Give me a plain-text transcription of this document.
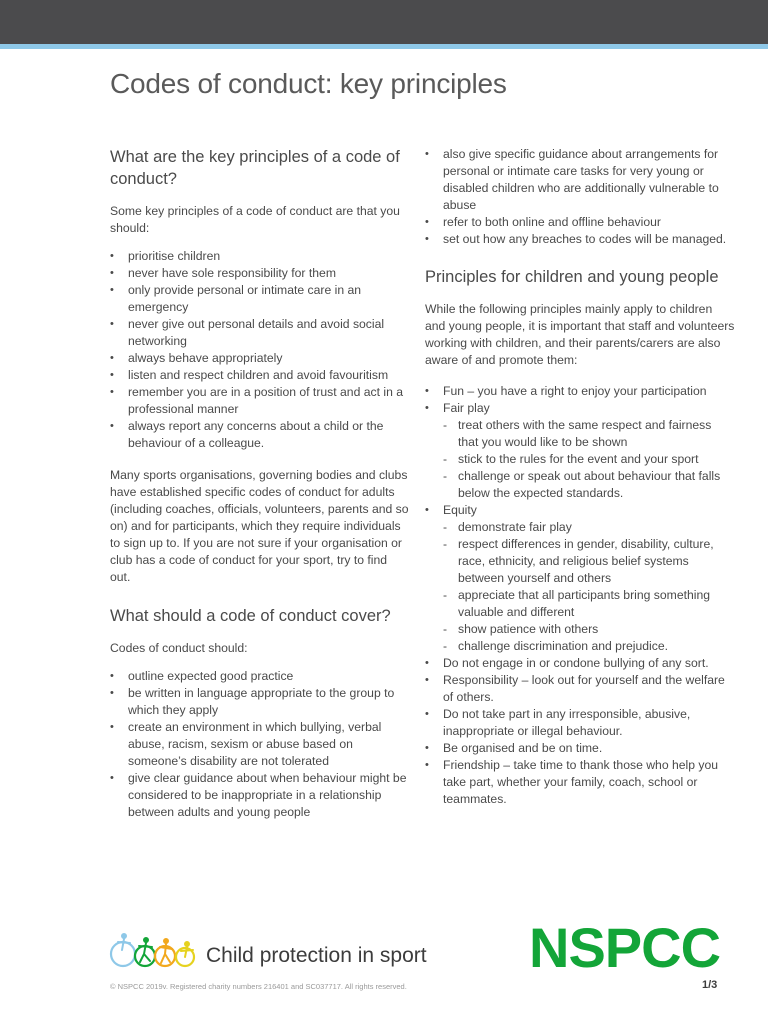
Codes of conduct: key principles
What are the key principles of a code of conduct?

Some key principles of a code of conduct are that you should:

• prioritise children
• never have sole responsibility for them
• only provide personal or intimate care in an emergency
• never give out personal details and avoid social networking
• always behave appropriately
• listen and respect children and avoid favouritism
• remember you are in a position of trust and act in a professional manner
• always report any concerns about a child or the behaviour of a colleague.

Many sports organisations, governing bodies and clubs have established specific codes of conduct for adults (including coaches, officials, volunteers, parents and so on) and for participants, which they require individuals to sign up to. If you are not sure if your organisation or club has a code of conduct for your sport, try to find out.

What should a code of conduct cover?

Codes of conduct should:

• outline expected good practice
• be written in language appropriate to the group to which they apply
• create an environment in which bullying, verbal abuse, racism, sexism or abuse based on someone’s disability are not tolerated
• give clear guidance about when behaviour might be considered to be inappropriate in a relationship between adults and young people
• also give specific guidance about arrangements for personal or intimate care tasks for very young or disabled children who are additionally vulnerable to abuse
• refer to both online and offline behaviour
• set out how any breaches to codes will be managed.
Principles for children and young people

While the following principles mainly apply to children and young people, it is important that staff and volunteers working with children, and their parents/carers are also aware of and promote them:

• Fun – you have a right to enjoy your participation
• Fair play
- treat others with the same respect and fairness that you would like to be shown
- stick to the rules for the event and your sport
- challenge or speak out about behaviour that falls below the expected standards.
• Equity
- demonstrate fair play
- respect differences in gender, disability, culture, race, ethnicity, and religious belief systems between yourself and others
- appreciate that all participants bring something valuable and different
- show patience with others
- challenge discrimination and prejudice.
• Do not engage in or condone bullying of any sort.
• Responsibility – look out for yourself and the welfare of others.
• Do not take part in any irresponsible, abusive, inappropriate or illegal behaviour.
• Be organised and be on time.
• Friendship – take time to thank those who help you take part, whether your family, coach, school or teammates.
Child protection in sport NSPCC
© NSPCC 2019v. Registered charity numbers 216401 and SC037717. All rights reserved.	1/3
